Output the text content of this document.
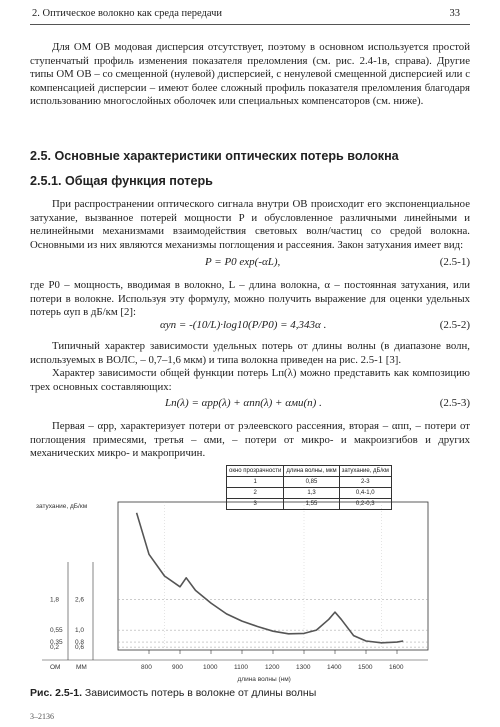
2. Оптическое волокно как среда передачи	33

Для ОМ ОВ модовая дисперсия отсутствует, поэтому в основном используется простой ступенчатый профиль изменения показателя преломления (см. рис. 2.4-1в, справа). Другие типы ОМ ОВ – со смещенной (нулевой) дисперсией, с ненулевой смещенной дисперсией или с компенсацией дисперсии – имеют более сложный профиль показателя преломления благодаря использованию многослойных оболочек или специальных компенсаторов (см. ниже).

2.5. Основные характеристики оптических потерь волокна
2.5.1. Общая функция потерь

При распространении оптического сигнала внутри ОВ происходит его экспоненциальное затухание, вызванное потерей мощности P и обусловленное различными линейными и нелинейными механизмами взаимодействия световых волн/частиц со средой волокна. Основными из них являются механизмы поглощения и рассеяния. Закон затухания имеет вид:

P = P0 exp(-αL),	(2.5-1)

где P0 – мощность, вводимая в волокно, L – длина волокна, α – постоянная затухания, или потери в волокне. Используя эту формулу, можно получить выражение для оценки удельных потерь αуп в дБ/км [2]:

αуп = -(10/L)·log10(P/P0) = 4,343α .	(2.5-2)

Типичный характер зависимости удельных потерь от длины волны (в диапазоне волн, используемых в ВОЛС, – 0,7–1,6 мкм) и типа волокна приведен на рис. 2.5-1 [3].

Характер зависимости общей функции потерь Lп(λ) можно представить как композицию трех основных составляющих:

Lп(λ) = αрр(λ) + αпп(λ) + αми(п) .	(2.5-3)

Первая – αрр, характеризует потери от рэлеевского рассеяния, вторая – αпп, – потери от поглощения примесями, третья – αми, – потери от микро- и макроизгибов и других механических микро- и макропричин.

затухание, дБ/км
1,8 2,6
0,55 1,0
0,35 0,8
0,2 0,6
ОМ ММ	800	900	1000	1100	1200	1300	1400	1500	1600
длина волны (нм)
окно прозрачности	длина волны, мкм	затухание, дБ/км
1	0,85	2-3
2	1,3	0,4-1,0
3	1,55	0,2-0,3
Рис. 2.5-1. Зависимость потерь в волокне от длины волны
3–2136
